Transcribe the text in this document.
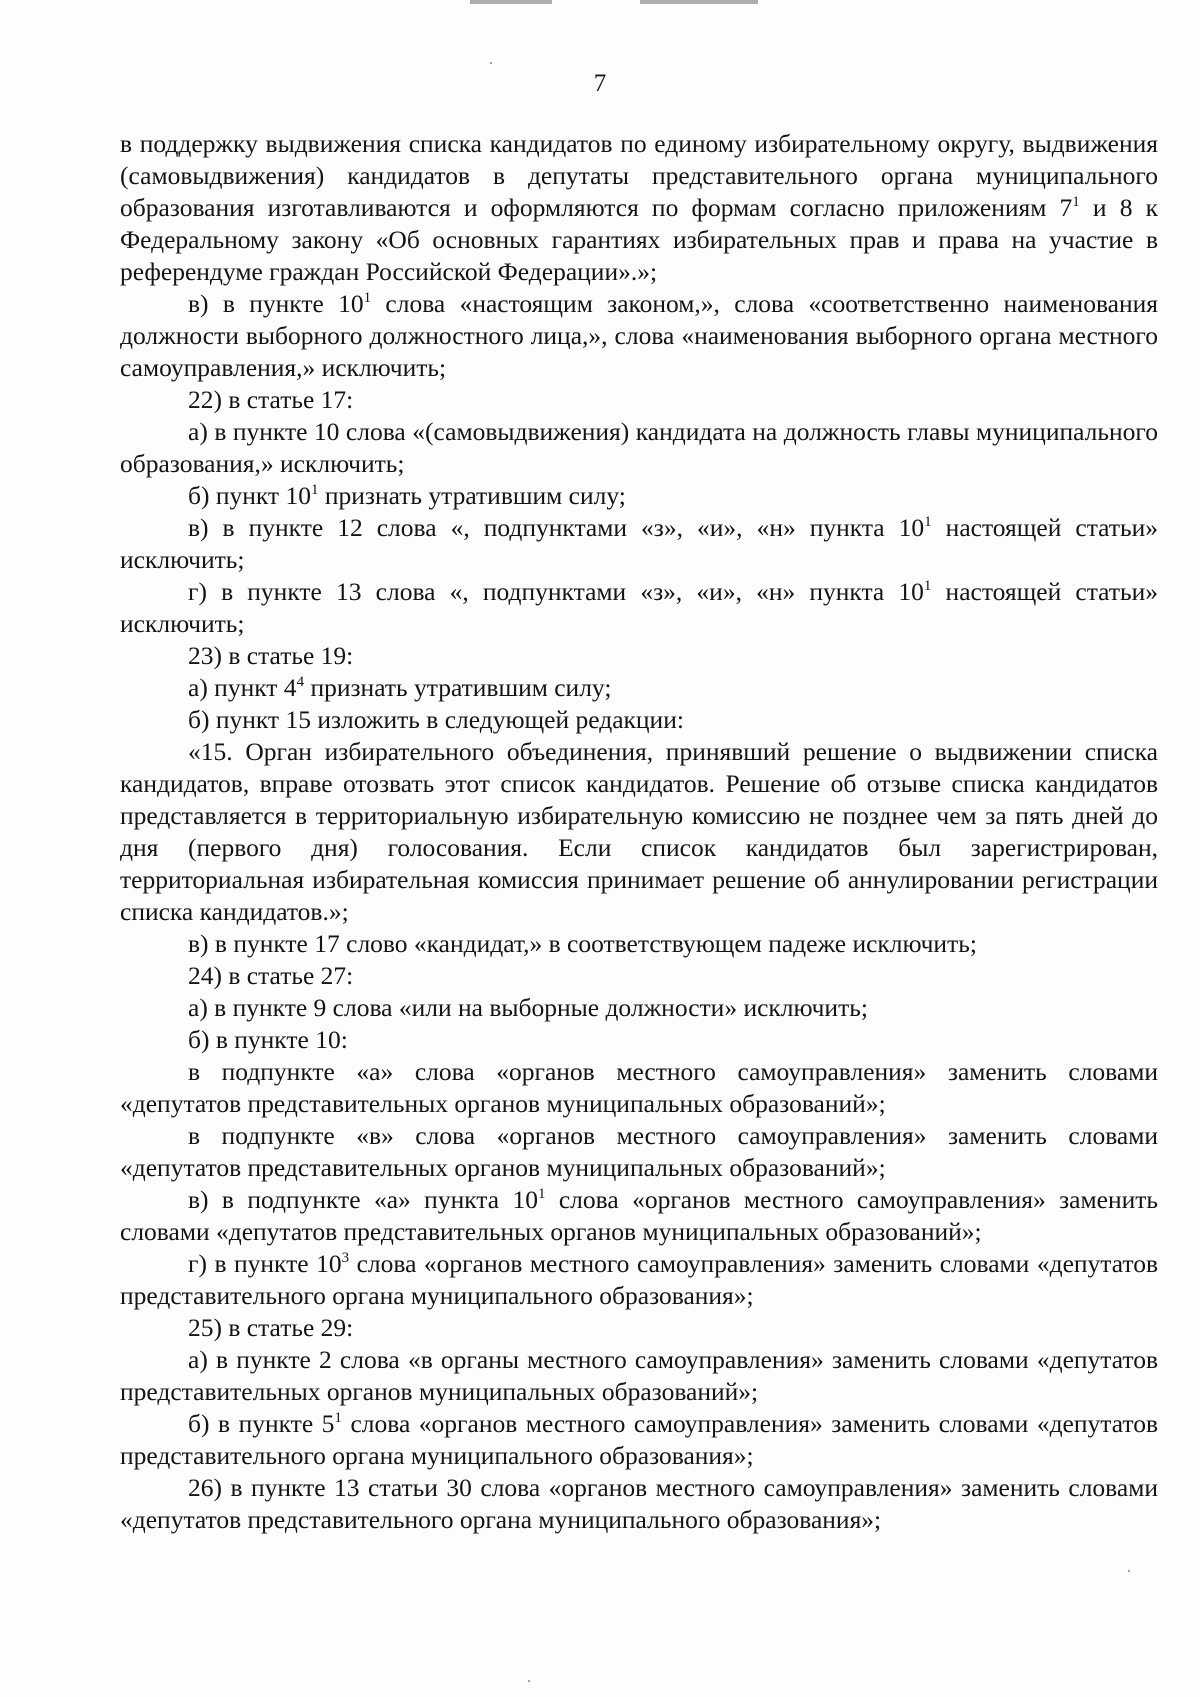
7

в поддержку выдвижения списка кандидатов по единому избирательному округу, выдвижения (самовыдвижения) кандидатов в депутаты представительного органа муниципального образования изготавливаются и оформляются по формам согласно приложениям $7^1$ и 8 к Федеральному закону «Об основных гарантиях избирательных прав и права на участие в референдуме граждан Российской Федерации».»;

в) в пункте $10^1$ слова «настоящим законом,», слова «соответственно наименования должности выборного должностного лица,», слова «наименования выборного органа местного самоуправления,» исключить;

22) в статье 17:

а) в пункте 10 слова «(самовыдвижения) кандидата на должность главы муниципального образования,» исключить;

б) пункт $10^1$ признать утратившим силу;

в) в пункте 12 слова «, подпунктами «з», «и», «н» пункта $10^1$ настоящей статьи» исключить;

г) в пункте 13 слова «, подпунктами «з», «и», «н» пункта $10^1$ настоящей статьи» исключить;

23) в статье 19:

а) пункт $4^4$ признать утратившим силу;

б) пункт 15 изложить в следующей редакции:

«15. Орган избирательного объединения, принявший решение о выдвижении списка кандидатов, вправе отозвать этот список кандидатов. Решение об отзыве списка кандидатов представляется в территориальную избирательную комиссию не позднее чем за пять дней до дня (первого дня) голосования. Если список кандидатов был зарегистрирован, территориальная избирательная комиссия принимает решение об аннулировании регистрации списка кандидатов.»;

в) в пункте 17 слово «кандидат,» в соответствующем падеже исключить;

24) в статье 27:

а) в пункте 9 слова «или на выборные должности» исключить;

б) в пункте 10:

в подпункте «а» слова «органов местного самоуправления» заменить словами «депутатов представительных органов муниципальных образований»;

в подпункте «в» слова «органов местного самоуправления» заменить словами «депутатов представительных органов муниципальных образований»;

в) в подпункте «а» пункта $10^1$ слова «органов местного самоуправления» заменить словами «депутатов представительных органов муниципальных образований»;

г) в пункте $10^3$ слова «органов местного самоуправления» заменить словами «депутатов представительного органа муниципального образования»;

25) в статье 29:

а) в пункте 2 слова «в органы местного самоуправления» заменить словами «депутатов представительных органов муниципальных образований»;

б) в пункте $5^1$ слова «органов местного самоуправления» заменить словами «депутатов представительного органа муниципального образования»;

26) в пункте 13 статьи 30 слова «органов местного самоуправления» заменить словами «депутатов представительного органа муниципального образования»;
